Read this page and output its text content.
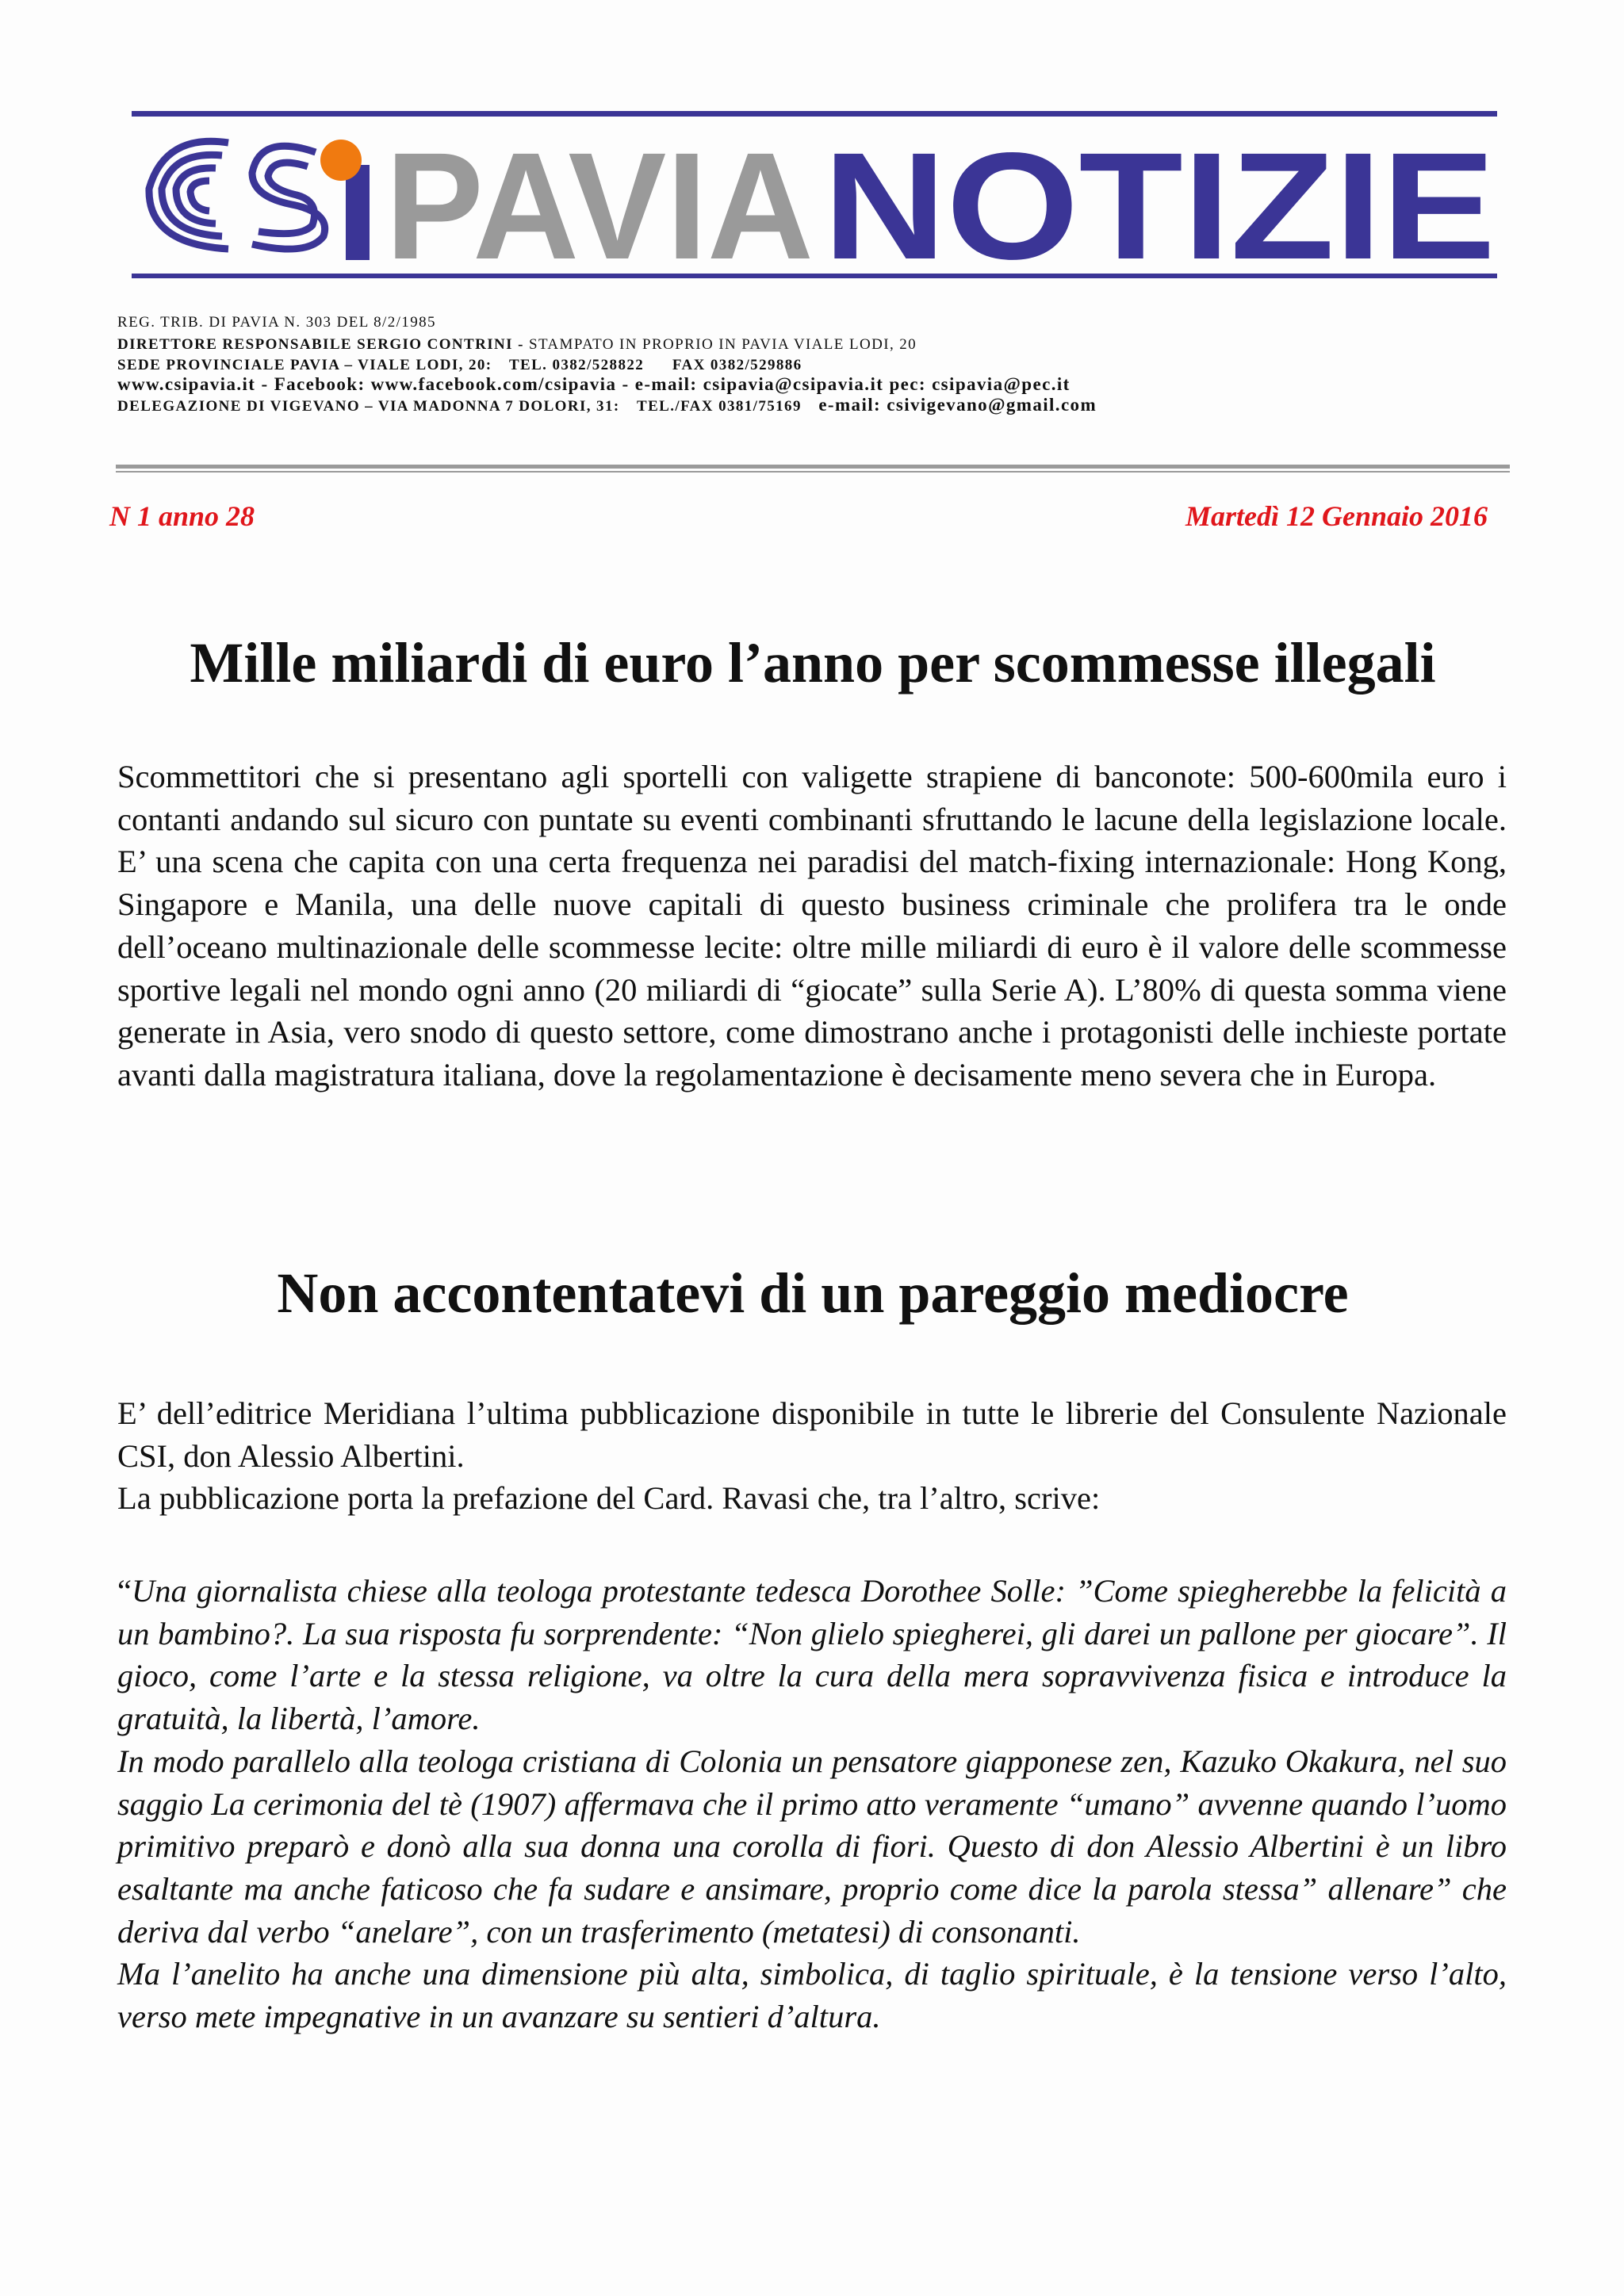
PAVIA NOTIZIE
REG. TRIB. DI PAVIA N. 303 DEL 8/2/1985
DIRETTORE RESPONSABILE SERGIO CONTRINI - STAMPATO IN PROPRIO IN PAVIA VIALE LODI, 20
SEDE PROVINCIALE PAVIA – VIALE LODI, 20: TEL. 0382/528822 FAX 0382/529886
www.csipavia.it - Facebook: www.facebook.com/csipavia - e-mail: csipavia@csipavia.it pec: csipavia@pec.it
DELEGAZIONE DI VIGEVANO – VIA MADONNA 7 DOLORI, 31: TEL./FAX 0381/75169 e-mail: csivigevano@gmail.com
N 1 anno 28	Martedì 12 Gennaio 2016
Mille miliardi di euro l’anno per scommesse illegali

Scommettitori che si presentano agli sportelli con valigette strapiene di banconote: 500-600mila euro i contanti andando sul sicuro con puntate su eventi combinanti sfruttando le lacune della legislazione locale. E’ una scena che capita con una certa frequenza nei paradisi del match-fixing internazionale: Hong Kong, Singapore e Manila, una delle nuove capitali di questo business criminale che prolifera tra le onde dell’oceano multinazionale delle scommesse lecite: oltre mille miliardi di euro è il valore delle scommesse sportive legali nel mondo ogni anno (20 miliardi di “giocate” sulla Serie A). L’80% di questa somma viene generate in Asia, vero snodo di questo settore, come dimostrano anche i protagonisti delle inchieste portate avanti dalla magistratura italiana, dove la regolamentazione è decisamente meno severa che in Europa.

Non accontentatevi di un pareggio mediocre

E’ dell’editrice Meridiana l’ultima pubblicazione disponibile in tutte le librerie del Consulente Nazionale CSI, don Alessio Albertini.

La pubblicazione porta la prefazione del Card. Ravasi che, tra l’altro, scrive:

“Una giornalista chiese alla teologa protestante tedesca Dorothee Solle: ”Come spiegherebbe la felicità a un bambino?. La sua risposta fu sorprendente: “Non glielo spiegherei, gli darei un pallone per giocare”. Il gioco, come l’arte e la stessa religione, va oltre la cura della mera sopravvivenza fisica e introduce la gratuità, la libertà, l’amore.

In modo parallelo alla teologa cristiana di Colonia un pensatore giapponese zen, Kazuko Okakura, nel suo saggio La cerimonia del tè (1907) affermava che il primo atto veramente “umano” avvenne quando l’uomo primitivo preparò e donò alla sua donna una corolla di fiori. Questo di don Alessio Albertini è un libro esaltante ma anche faticoso che fa sudare e ansimare, proprio come dice la parola stessa” allenare” che deriva dal verbo “anelare”, con un trasferimento (metatesi) di consonanti.

Ma l’anelito ha anche una dimensione più alta, simbolica, di taglio spirituale, è la tensione verso l’alto, verso mete impegnative in un avanzare su sentieri d’altura.
